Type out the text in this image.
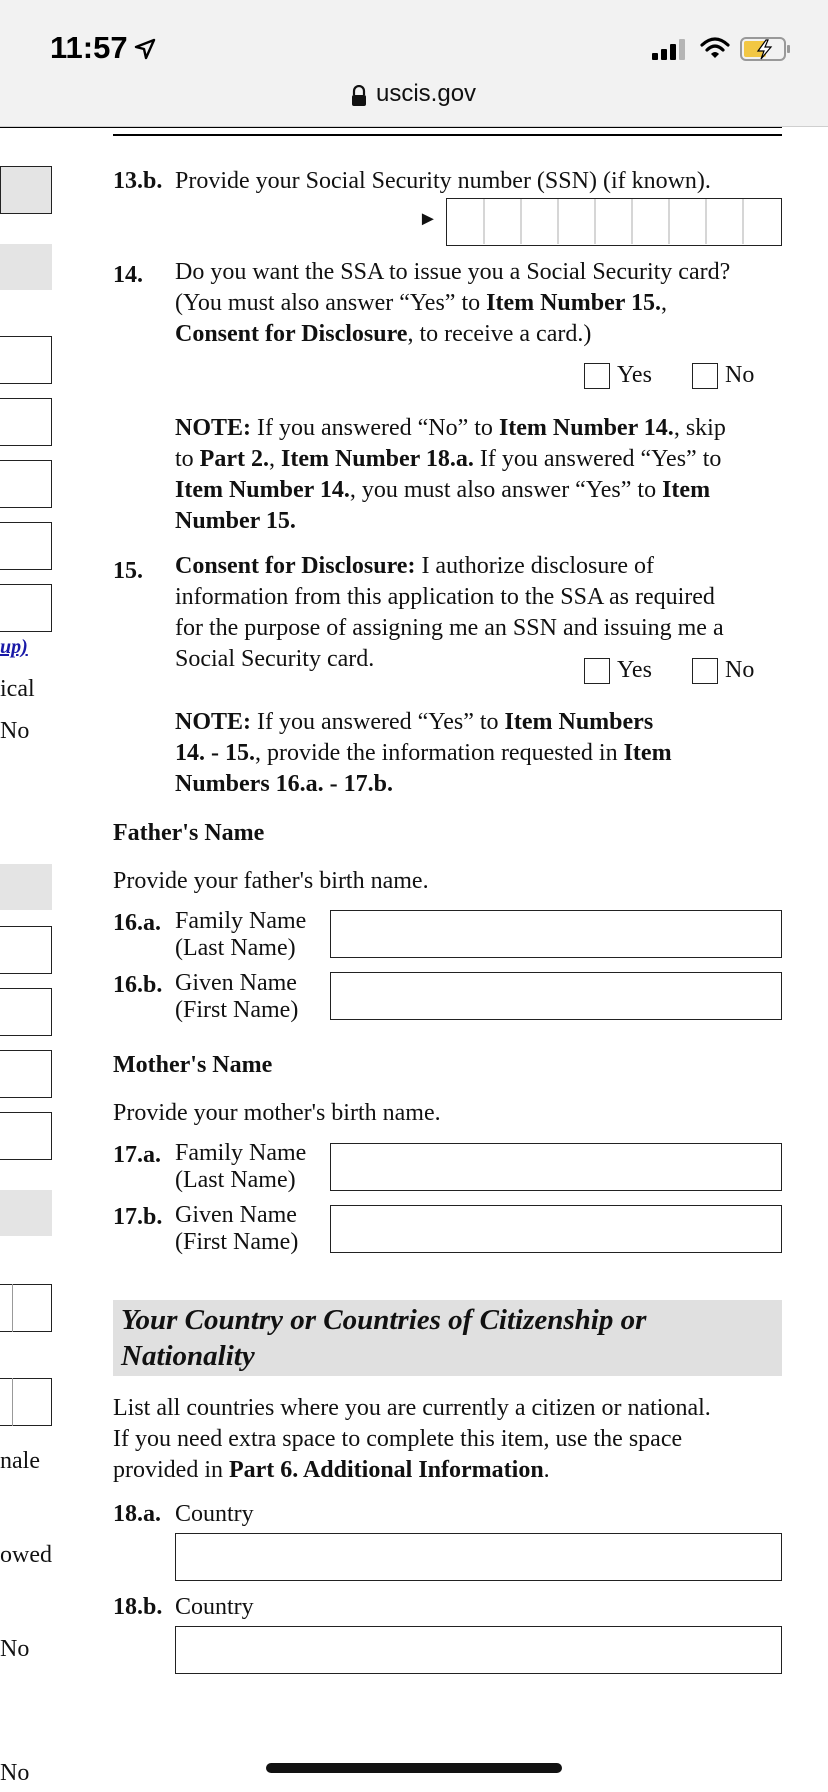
11:57
uscis.gov
up)
ical
No
nale
owed
No
No
13.b. Provide your Social Security number (SSN) (if known).
►
14. Do you want the SSA to issue you a Social Security card?
(You must also answer “Yes” to Item Number 15.,
Consent for Disclosure, to receive a card.)
Yes	No
NOTE: If you answered “No” to Item Number 14., skip
to Part 2., Item Number 18.a. If you answered “Yes” to
Item Number 14., you must also answer “Yes” to Item
Number 15.
15. Consent for Disclosure: I authorize disclosure of
information from this application to the SSA as required
for the purpose of assigning me an SSN and issuing me a
Social Security card.	Yes	No
NOTE: If you answered “Yes” to Item Numbers
14. - 15., provide the information requested in Item
Numbers 16.a. - 17.b.
Father's Name
Provide your father's birth name.
16.a. Family Name
(Last Name)
16.b. Given Name
(First Name)
Mother's Name
Provide your mother's birth name.
17.a. Family Name
(Last Name)
17.b. Given Name
(First Name)
Your Country or Countries of Citizenship or
Nationality
List all countries where you are currently a citizen or national.
If you need extra space to complete this item, use the space
provided in Part 6. Additional Information.
18.a. Country
18.b. Country
